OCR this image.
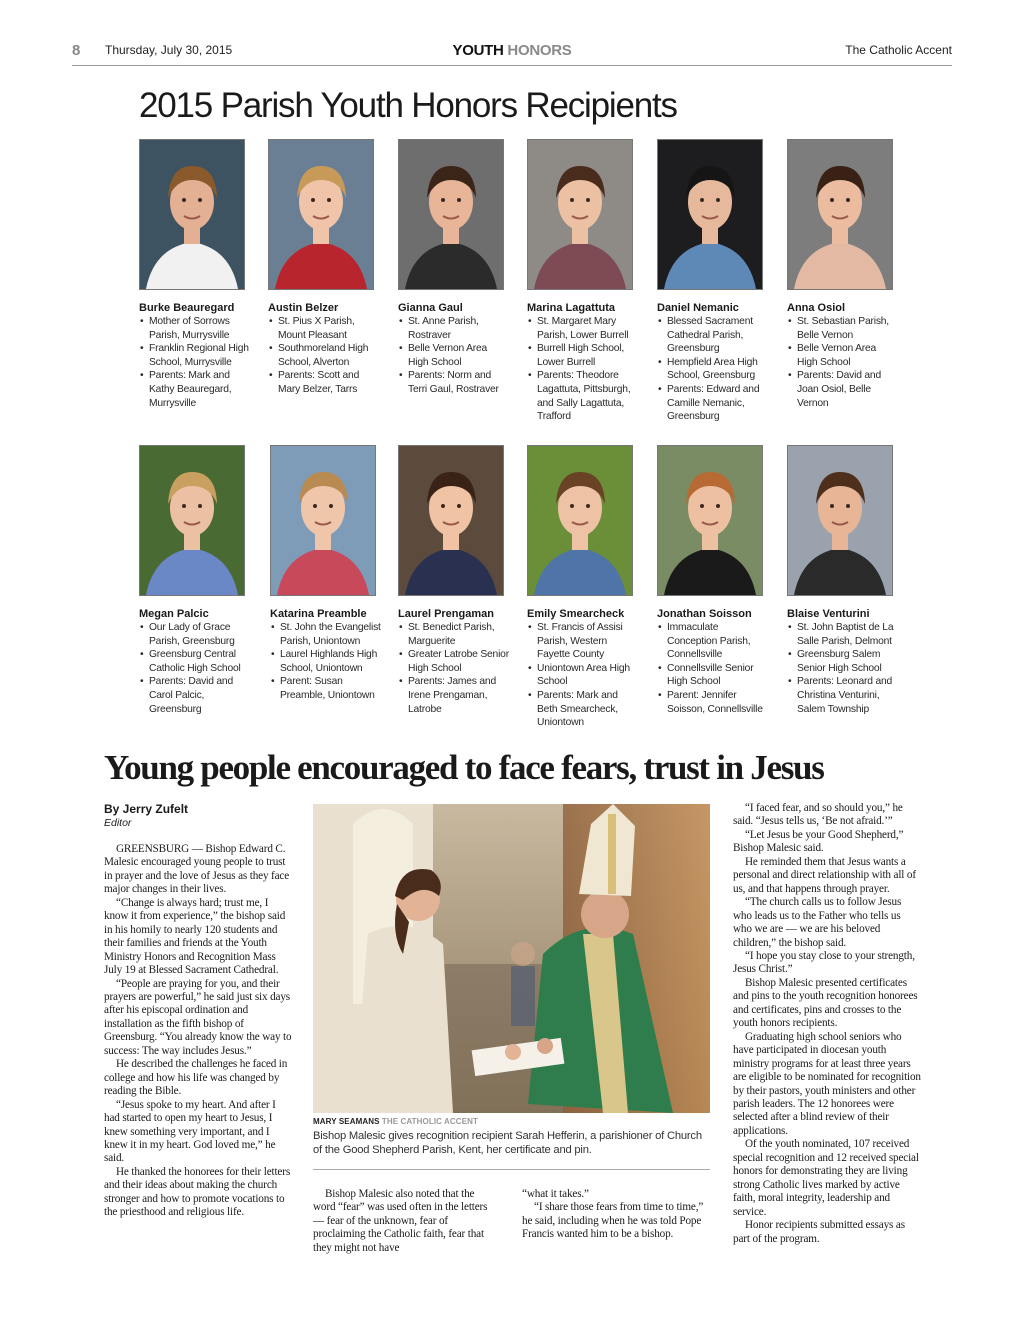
8 Thursday, July 30, 2015	YOUTH HONORS	The Catholic Accent
2015 Parish Youth Honors Recipients
Burke Beauregard
• Mother of Sorrows Parish, Murrysville
• Franklin Regional High School, Murrysville
• Parents: Mark and Kathy Beauregard, Murrysville
Austin Belzer
• St. Pius X Parish, Mount Pleasant
• Southmoreland High School, Alverton
• Parents: Scott and Mary Belzer, Tarrs
Gianna Gaul
• St. Anne Parish, Rostraver
• Belle Vernon Area High School
• Parents: Norm and Terri Gaul, Rostraver
Marina Lagattuta
• St. Margaret Mary Parish, Lower Burrell
• Burrell High School, Lower Burrell
• Parents: Theodore Lagattuta, Pittsburgh, and Sally Lagattuta, Trafford
Daniel Nemanic
• Blessed Sacrament Cathedral Parish, Greensburg
• Hempfield Area High School, Greensburg
• Parents: Edward and Camille Nemanic, Greensburg
Anna Osiol
• St. Sebastian Parish, Belle Vernon
• Belle Vernon Area High School
• Parents: David and Joan Osiol, Belle Vernon
Megan Palcic
• Our Lady of Grace Parish, Greensburg
• Greensburg Central Catholic High School
• Parents: David and Carol Palcic, Greensburg
Katarina Preamble
• St. John the Evangelist Parish, Uniontown
• Laurel Highlands High School, Uniontown
• Parent: Susan Preamble, Uniontown
Laurel Prengaman
• St. Benedict Parish, Marguerite
• Greater Latrobe Senior High School
• Parents: James and Irene Prengaman, Latrobe
Emily Smearcheck
• St. Francis of Assisi Parish, Western Fayette County
• Uniontown Area High School
• Parents: Mark and Beth Smearcheck, Uniontown
Jonathan Soisson
• Immaculate Conception Parish, Connellsville
• Connellsville Senior High School
• Parent: Jennifer Soisson, Connellsville
Blaise Venturini
• St. John Baptist de La Salle Parish, Delmont
• Greensburg Salem Senior High School
• Parents: Leonard and Christina Venturini, Salem Township
Young people encouraged to face fears, trust in Jesus
By Jerry Zufelt
Editor

GREENSBURG — Bishop Edward C. Malesic encouraged young people to trust in prayer and the love of Jesus as they face major changes in their lives.

“Change is always hard; trust me, I know it from experience,” the bishop said in his homily to nearly 120 students and their families and friends at the Youth Ministry Honors and Recognition Mass July 19 at Blessed Sacrament Cathedral.

“People are praying for you, and their prayers are powerful,” he said just six days after his episcopal ordination and installation as the fifth bishop of Greensburg. “You already know the way to success: The way includes Jesus.”

He described the challenges he faced in college and how his life was changed by reading the Bible.

“Jesus spoke to my heart. And after I had started to open my heart to Jesus, I knew something very important, and I knew it in my heart. God loved me,” he said.

He thanked the honorees for their letters and their ideas about making the church stronger and how to promote vocations to the priesthood and religious life.

MARY SEAMANS THE CATHOLIC ACCENT
Bishop Malesic gives recognition recipient Sarah Hefferin, a parishioner of Church of the Good Shepherd Parish, Kent, her certificate and pin.

Bishop Malesic also noted that the word “fear” was used often in the letters — fear of the unknown, fear of proclaiming the Catholic faith, fear that they might not have

“what it takes.”

“I share those fears from time to time,” he said, including when he was told Pope Francis wanted him to be a bishop.

“I faced fear, and so should you,” he said. “Jesus tells us, ‘Be not afraid.’”

“Let Jesus be your Good Shepherd,” Bishop Malesic said.

He reminded them that Jesus wants a personal and direct relationship with all of us, and that happens through prayer.

“The church calls us to follow Jesus who leads us to the Father who tells us who we are — we are his beloved children,” the bishop said.

“I hope you stay close to your strength, Jesus Christ.”

Bishop Malesic presented certificates and pins to the youth recognition honorees and certificates, pins and crosses to the youth honors recipients.

Graduating high school seniors who have participated in diocesan youth ministry programs for at least three years are eligible to be nominated for recognition by their pastors, youth ministers and other parish leaders. The 12 honorees were selected after a blind review of their applications.

Of the youth nominated, 107 received special recognition and 12 received special honors for demonstrating they are living strong Catholic lives marked by active faith, moral integrity, leadership and service.

Honor recipients submitted essays as part of the program.
